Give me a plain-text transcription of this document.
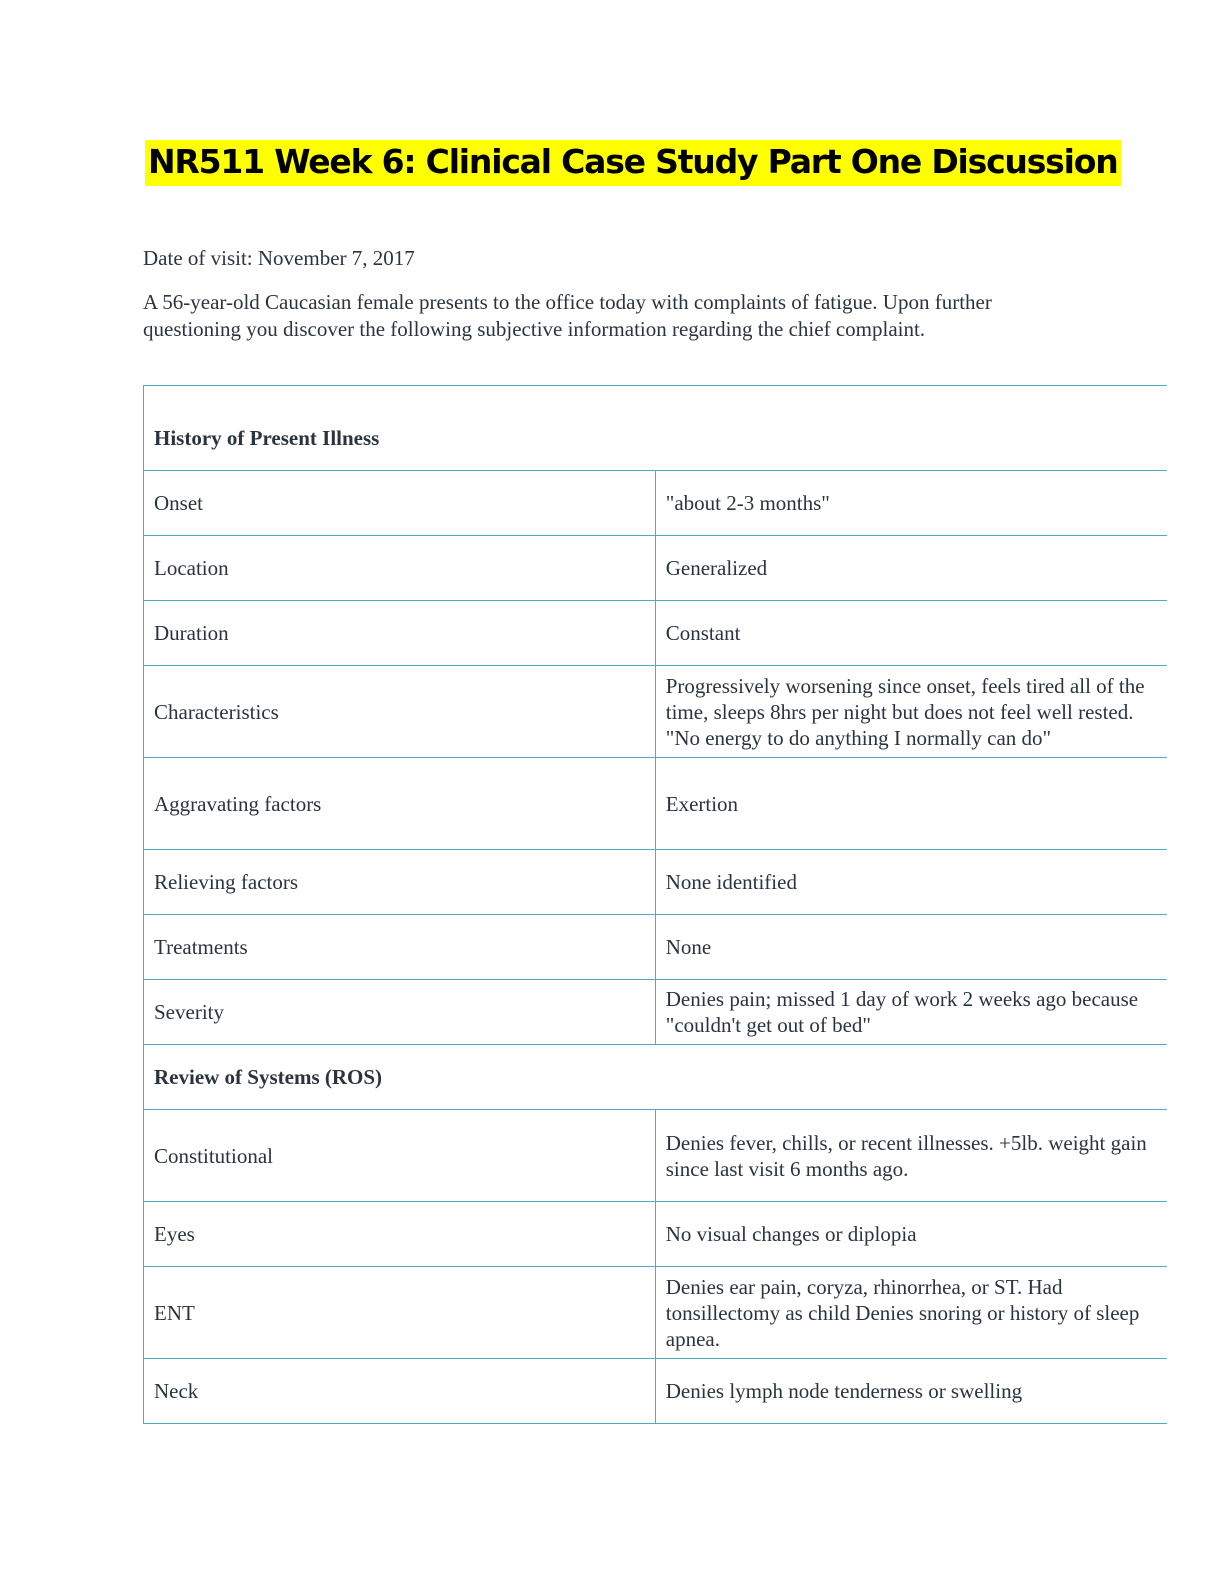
NR511 Week 6: Clinical Case Study Part One Discussion

Date of visit: November 7, 2017

A 56-year-old Caucasian female presents to the office today with complaints of fatigue. Upon further questioning you discover the following subjective information regarding the chief complaint.

History of Present Illness	
Onset	"about 2-3 months"
Location	Generalized
Duration	Constant
Characteristics	Progressively worsening since onset, feels tired all of the time, sleeps 8hrs per night but does not feel well rested. "No energy to do anything I normally can do"
Aggravating factors	Exertion
Relieving factors	None identified
Treatments	None
Severity	Denies pain; missed 1 day of work 2 weeks ago because "couldn't get out of bed"
Review of Systems (ROS)	
Constitutional	Denies fever, chills, or recent illnesses. +5lb. weight gain since last visit 6 months ago.
Eyes	No visual changes or diplopia
ENT	Denies ear pain, coryza, rhinorrhea, or ST. Had tonsillectomy as child Denies snoring or history of sleep apnea.
Neck	Denies lymph node tenderness or swelling
